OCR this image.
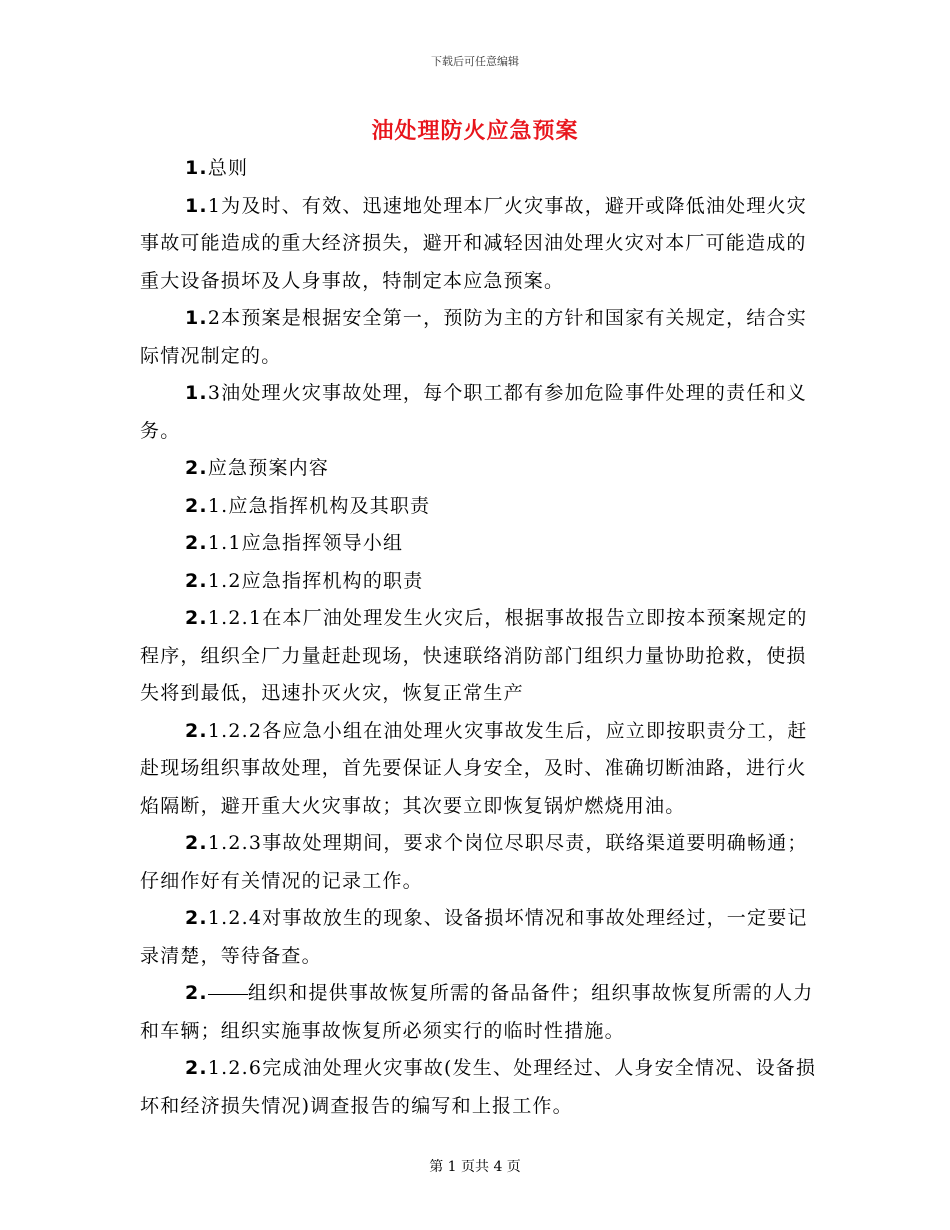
下载后可任意编辑
油处理防火应急预案

1.总则

1.1为及时、有效、迅速地处理本厂火灾事故，避开或降低油处理火灾事故可能造成的重大经济损失，避开和减轻因油处理火灾对本厂可能造成的重大设备损坏及人身事故，特制定本应急预案。

1.2本预案是根据安全第一，预防为主的方针和国家有关规定，结合实际情况制定的。

1.3油处理火灾事故处理，每个职工都有参加危险事件处理的责任和义务。

2.应急预案内容

2.1.应急指挥机构及其职责

2.1.1应急指挥领导小组

2.1.2应急指挥机构的职责

2.1.2.1在本厂油处理发生火灾后，根据事故报告立即按本预案规定的程序，组织全厂力量赶赴现场，快速联络消防部门组织力量协助抢救，使损失将到最低，迅速扑灭火灾，恢复正常生产

2.1.2.2各应急小组在油处理火灾事故发生后，应立即按职责分工，赶赴现场组织事故处理，首先要保证人身安全，及时、准确切断油路，进行火焰隔断，避开重大火灾事故；其次要立即恢复锅炉燃烧用油。

2.1.2.3事故处理期间，要求个岗位尽职尽责，联络渠道要明确畅通；仔细作好有关情况的记录工作。

2.1.2.4对事故放生的现象、设备损坏情况和事故处理经过，一定要记录清楚，等待备查。

2. 组织和提供事故恢复所需的备品备件；组织事故恢复所需的人力和车辆；组织实施事故恢复所必须实行的临时性措施。

2.1.2.6完成油处理火灾事故(发生、处理经过、人身安全情况、设备损坏和经济损失情况)调查报告的编写和上报工作。

第 1 页共 4 页
